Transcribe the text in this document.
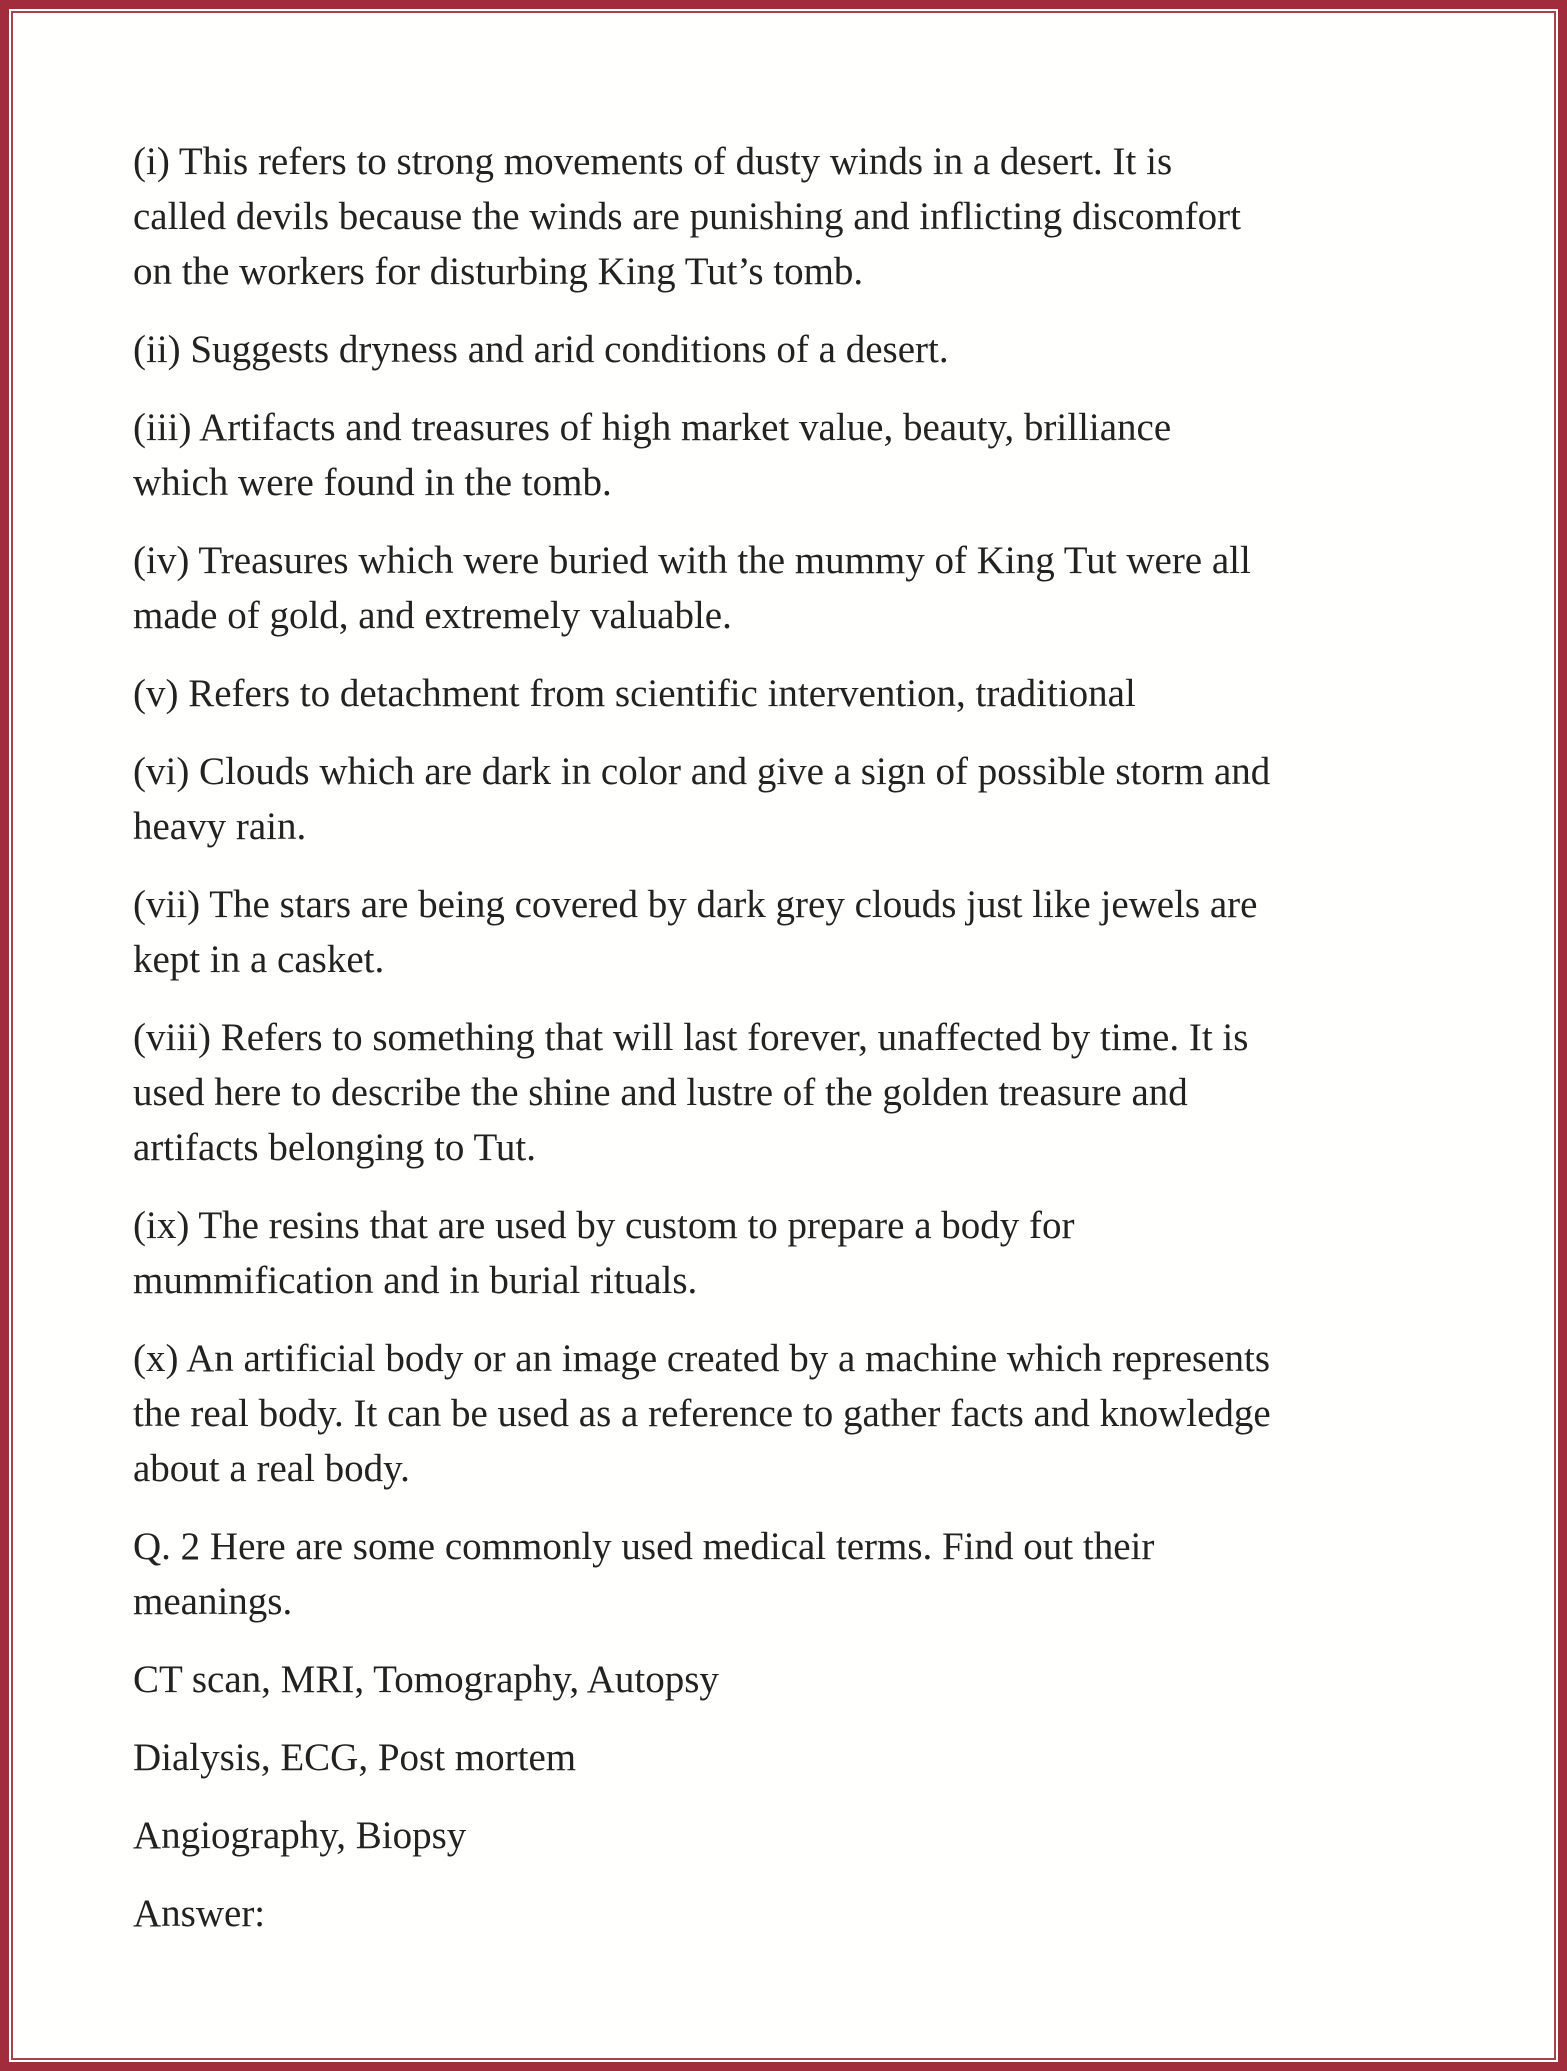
(i) This refers to strong movements of dusty winds in a desert. It is
called devils because the winds are punishing and inflicting discomfort
on the workers for disturbing King Tut’s tomb.
(ii) Suggests dryness and arid conditions of a desert.
(iii) Artifacts and treasures of high market value, beauty, brilliance
which were found in the tomb.
(iv) Treasures which were buried with the mummy of King Tut were all
made of gold, and extremely valuable.
(v) Refers to detachment from scientific intervention, traditional
(vi) Clouds which are dark in color and give a sign of possible storm and
heavy rain.
(vii) The stars are being covered by dark grey clouds just like jewels are
kept in a casket.
(viii) Refers to something that will last forever, unaffected by time. It is
used here to describe the shine and lustre of the golden treasure and
artifacts belonging to Tut.
(ix) The resins that are used by custom to prepare a body for
mummification and in burial rituals.
(x) An artificial body or an image created by a machine which represents
the real body. It can be used as a reference to gather facts and knowledge
about a real body.
Q. 2 Here are some commonly used medical terms. Find out their
meanings.
CT scan, MRI, Tomography, Autopsy
Dialysis, ECG, Post mortem
Angiography, Biopsy
Answer:
